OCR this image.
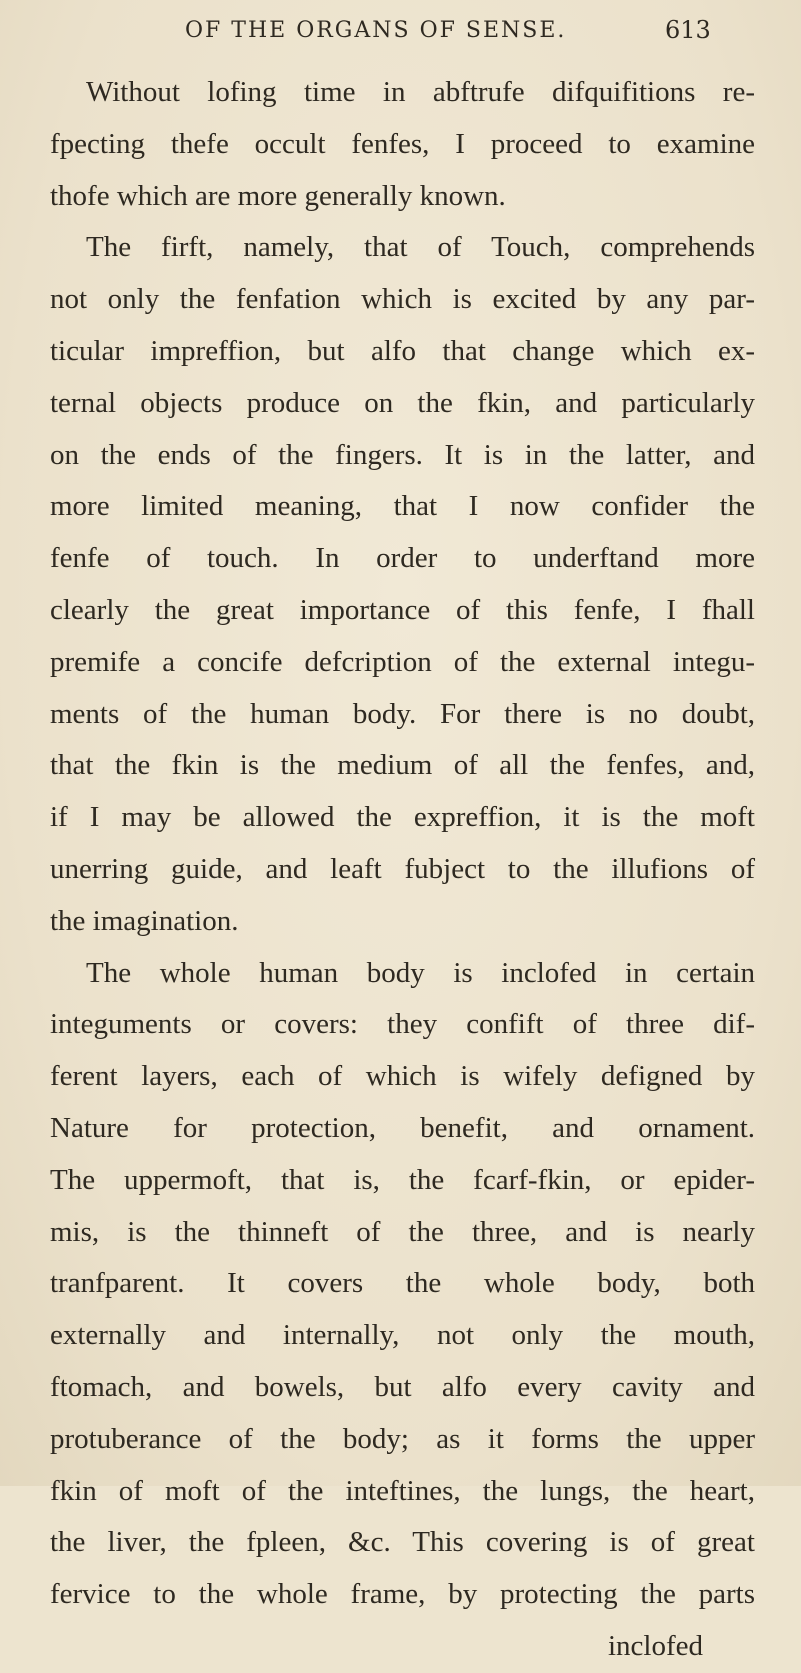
OF THE ORGANS OF SENSE.	613
Without lofing time in abftrufe difquifitions re-
fpecting thefe occult fenfes, I proceed to examine
thofe which are more generally known.
The firft, namely, that of Touch, comprehends
not only the fenfation which is excited by any par-
ticular impreffion, but alfo that change which ex-
ternal objects produce on the fkin, and particularly
on the ends of the fingers. It is in the latter, and
more limited meaning, that I now confider the
fenfe of touch. In order to underftand more
clearly the great importance of this fenfe, I fhall
premife a concife defcription of the external integu-
ments of the human body. For there is no doubt,
that the fkin is the medium of all the fenfes, and,
if I may be allowed the expreffion, it is the moft
unerring guide, and leaft fubject to the illufions of
the imagination.
The whole human body is inclofed in certain
integuments or covers: they confift of three dif-
ferent layers, each of which is wifely defigned by
Nature for protection, benefit, and ornament.
The uppermoft, that is, the fcarf-fkin, or epider-
mis, is the thinneft of the three, and is nearly
tranfparent. It covers the whole body, both
externally and internally, not only the mouth,
ftomach, and bowels, but alfo every cavity and
protuberance of the body; as it forms the upper
fkin of moft of the inteftines, the lungs, the heart,
the liver, the fpleen, &c. This covering is of great
fervice to the whole frame, by protecting the parts
inclofed
